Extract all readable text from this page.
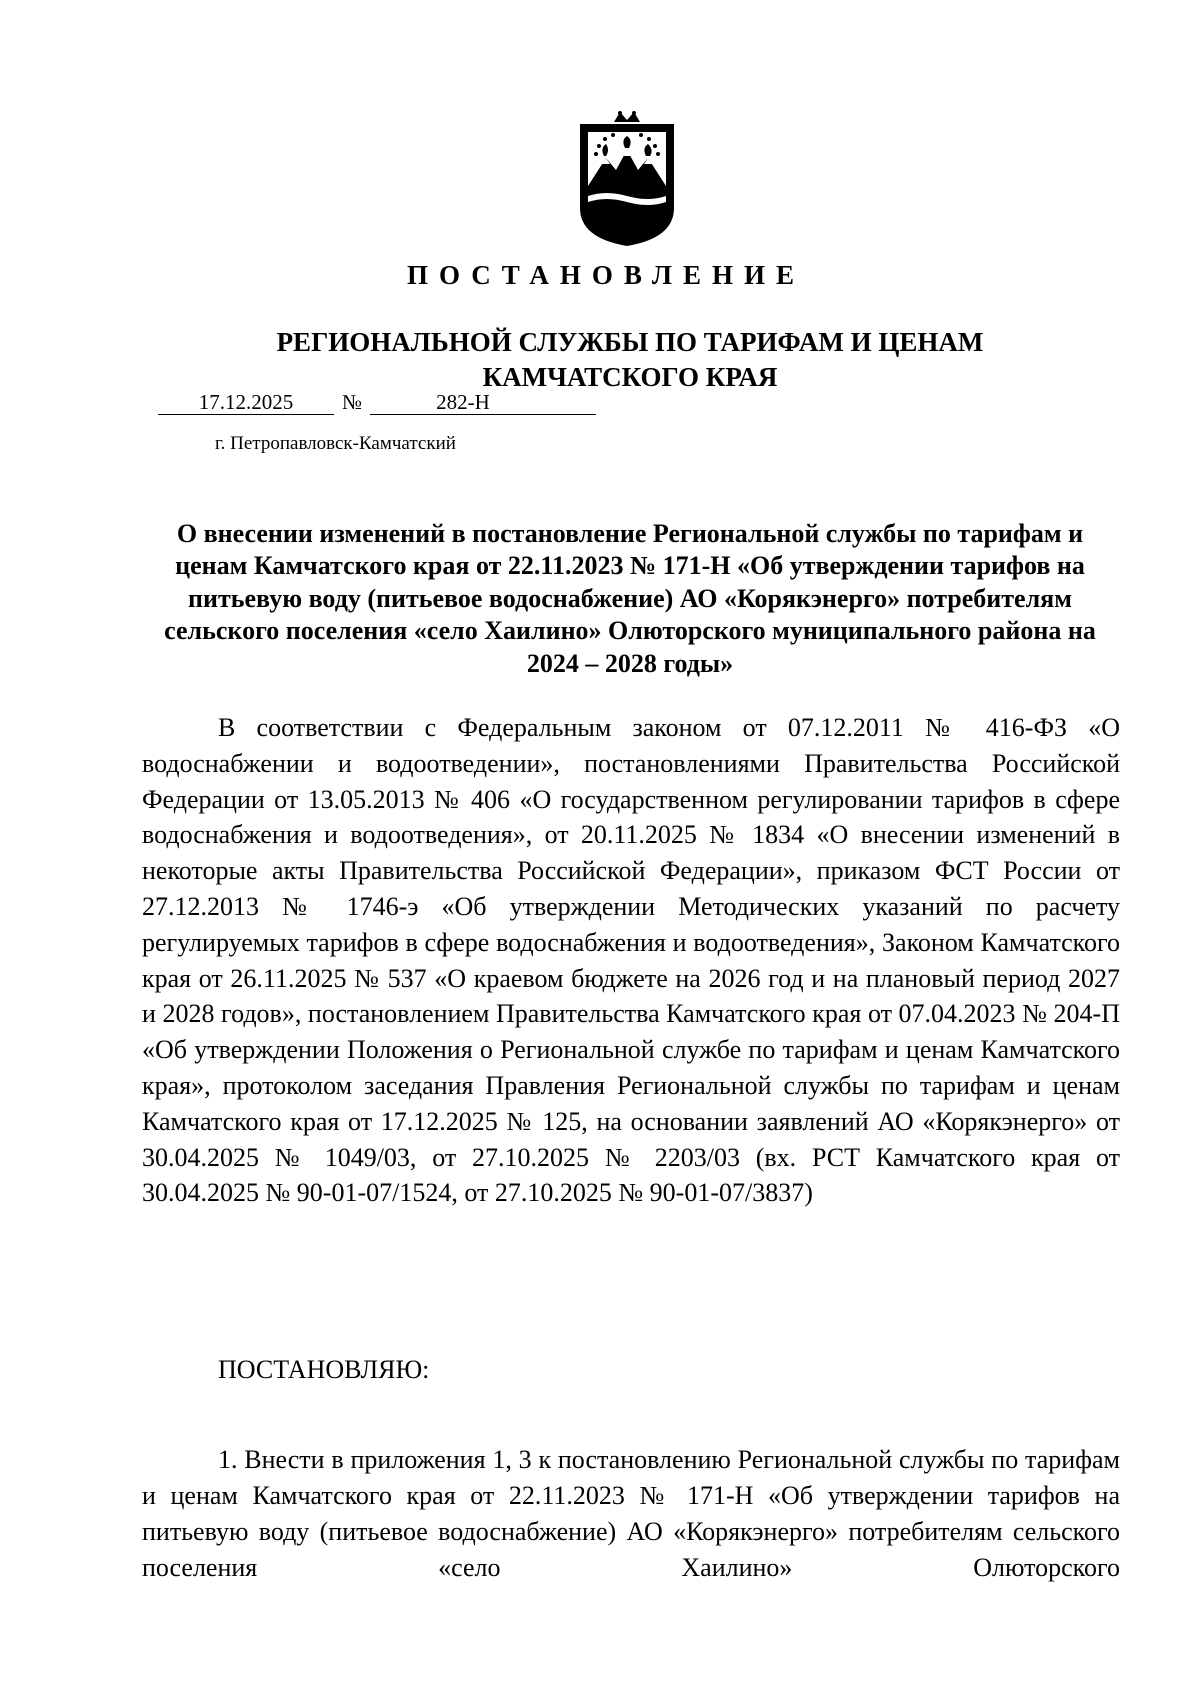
ПОСТАНОВЛЕНИЕ
РЕГИОНАЛЬНОЙ СЛУЖБЫ ПО ТАРИФАМ И ЦЕНАМ
КАМЧАТСКОГО КРАЯ
17.12.2025	№	282-Н
г. Петропавловск-Камчатский
О внесении изменений в постановление Региональной службы по тарифам и ценам Камчатского края от 22.11.2023 № 171-Н «Об утверждении тарифов на питьевую воду (питьевое водоснабжение) АО «Корякэнерго» потребителям сельского поселения «село Хаилино» Олюторского муниципального района на 2024 – 2028 годы»

В соответствии с Федеральным законом от 07.12.2011 № 416-ФЗ «О водоснабжении и водоотведении», постановлениями Правительства Российской Федерации от 13.05.2013 № 406 «О государственном регулировании тарифов в сфере водоснабжения и водоотведения», от 20.11.2025 № 1834 «О внесении изменений в некоторые акты Правительства Российской Федерации», приказом ФСТ России от 27.12.2013 № 1746-э «Об утверждении Методических указаний по расчету регулируемых тарифов в сфере водоснабжения и водоотведения», Законом Камчатского края от 26.11.2025 № 537 «О краевом бюджете на 2026 год и на плановый период 2027 и 2028 годов», постановлением Правительства Камчатского края от 07.04.2023 № 204-П «Об утверждении Положения о Региональной службе по тарифам и ценам Камчатского края», протоколом заседания Правления Региональной службы по тарифам и ценам Камчатского края от 17.12.2025 № 125, на основании заявлений АО «Корякэнерго» от 30.04.2025 № 1049/03, от 27.10.2025 № 2203/03 (вх. РСТ Камчатского края от 30.04.2025 № 90-01-07/1524, от 27.10.2025 № 90-01-07/3837)

ПОСТАНОВЛЯЮ:

1. Внести в приложения 1, 3 к постановлению Региональной службы по тарифам и ценам Камчатского края от 22.11.2023 № 171-Н «Об утверждении тарифов на питьевую воду (питьевое водоснабжение) АО «Корякэнерго» потребителям сельского поселения «село Хаилино» Олюторского
